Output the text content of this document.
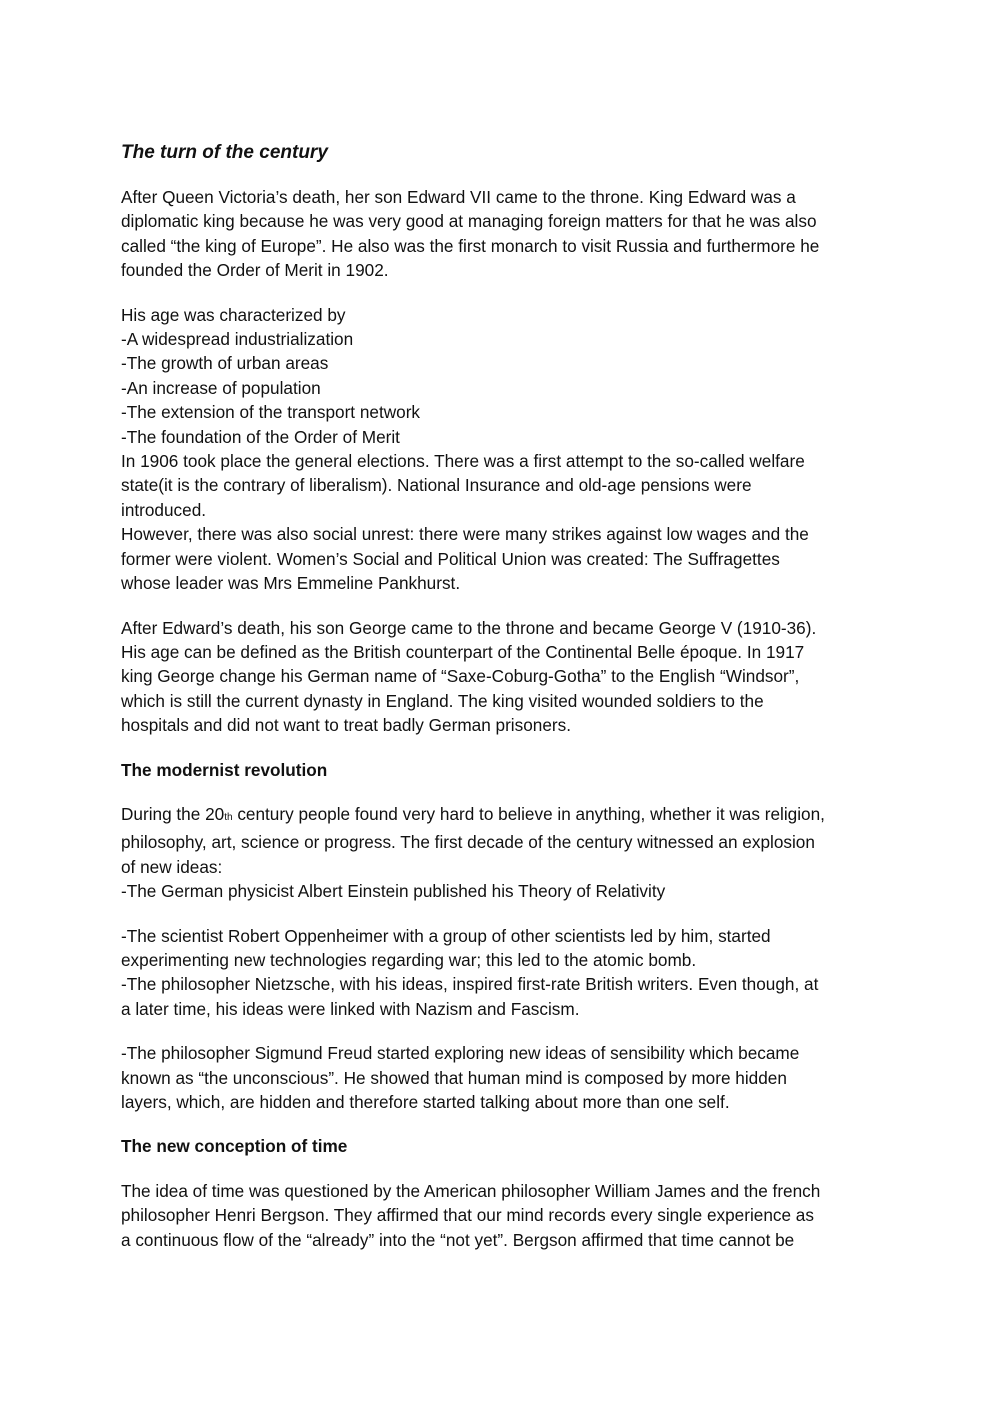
The turn of the century

After Queen Victoria’s death, her son Edward VII came to the throne. King Edward was a
diplomatic king because he was very good at managing foreign matters for that he was also
called “the king of Europe”. He also was the first monarch to visit Russia and furthermore he
founded the Order of Merit in 1902.

His age was characterized by
-A widespread industrialization
-The growth of urban areas
-An increase of population
-The extension of the transport network
-The foundation of the Order of Merit
In 1906 took place the general elections. There was a first attempt to the so-called welfare
state(it is the contrary of liberalism). National Insurance and old-age pensions were
introduced.
However, there was also social unrest: there were many strikes against low wages and the
former were violent. Women’s Social and Political Union was created: The Suffragettes
whose leader was Mrs Emmeline Pankhurst.

After Edward’s death, his son George came to the throne and became George V (1910-36).
His age can be defined as the British counterpart of the Continental Belle époque. In 1917
king George change his German name of “Saxe-Coburg-Gotha” to the English “Windsor”,
which is still the current dynasty in England. The king visited wounded soldiers to the
hospitals and did not want to treat badly German prisoners.

The modernist revolution

During the 20th century people found very hard to believe in anything, whether it was religion,
philosophy, art, science or progress. The first decade of the century witnessed an explosion
of new ideas:
-The German physicist Albert Einstein published his Theory of Relativity

-The scientist Robert Oppenheimer with a group of other scientists led by him, started
experimenting new technologies regarding war; this led to the atomic bomb.
-The philosopher Nietzsche, with his ideas, inspired first-rate British writers. Even though, at
a later time, his ideas were linked with Nazism and Fascism.

-The philosopher Sigmund Freud started exploring new ideas of sensibility which became
known as “the unconscious”. He showed that human mind is composed by more hidden
layers, which, are hidden and therefore started talking about more than one self.

The new conception of time

The idea of time was questioned by the American philosopher William James and the french
philosopher Henri Bergson. They affirmed that our mind records every single experience as
a continuous flow of the “already” into the “not yet”. Bergson affirmed that time cannot be
